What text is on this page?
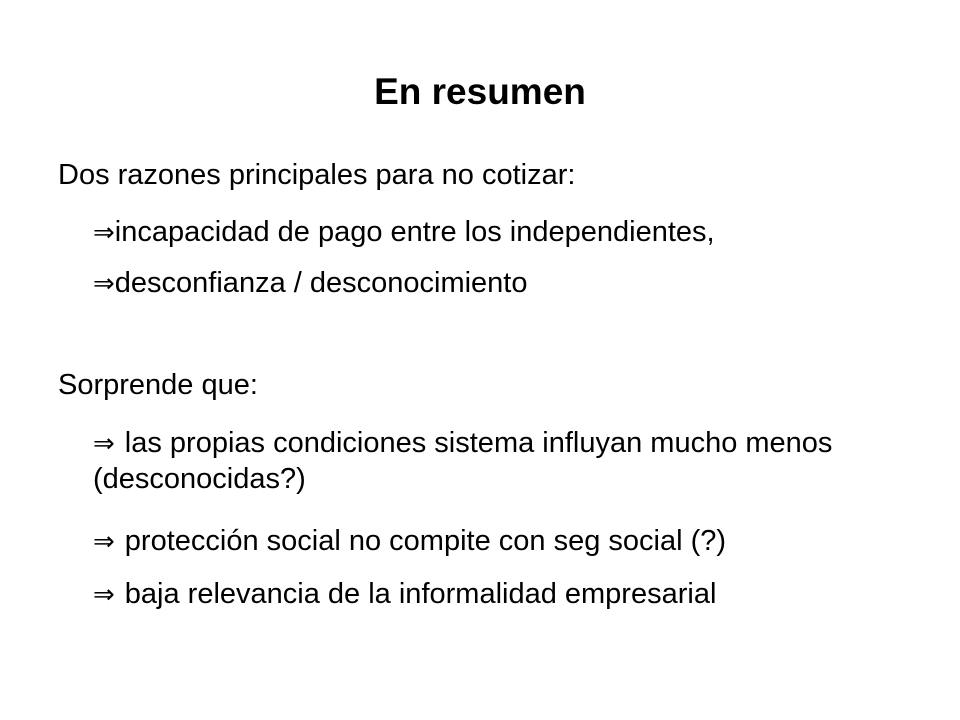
En resumen
Dos razones principales para no cotizar:
⇒incapacidad de pago entre los independientes,
⇒desconfianza / desconocimiento
Sorprende que:
⇒ las propias condiciones sistema influyan mucho menos (desconocidas?)
⇒ protección social no compite con seg social (?)
⇒ baja relevancia de la informalidad empresarial
